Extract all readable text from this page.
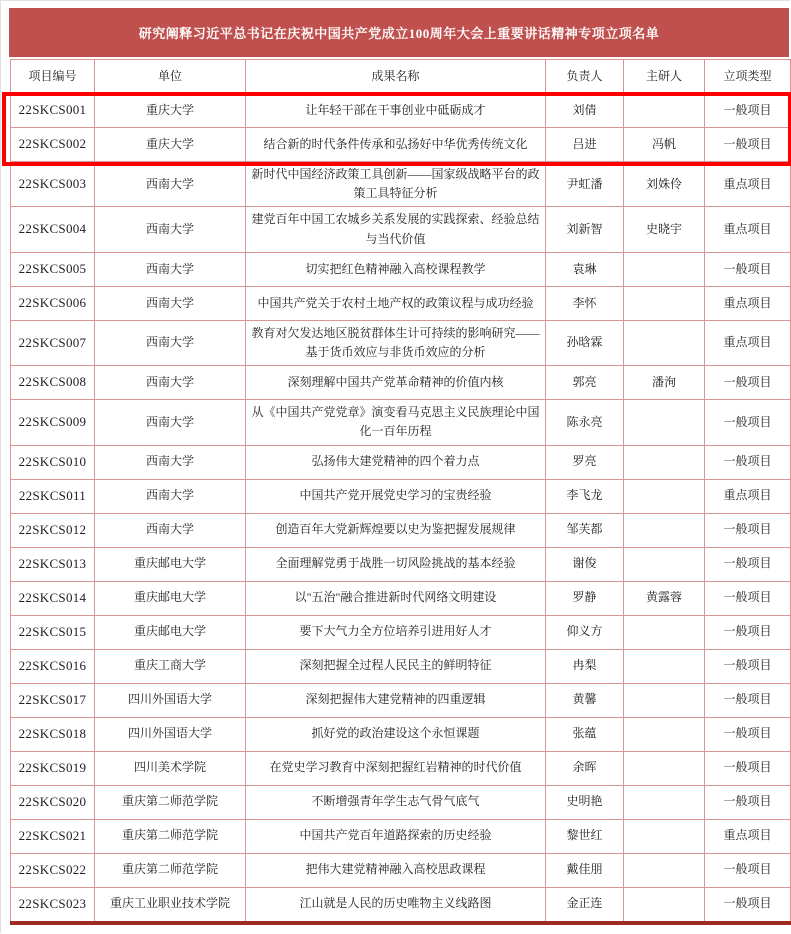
研究阐释习近平总书记在庆祝中国共产党成立100周年大会上重要讲话精神专项立项名单
项目编号	单位	成果名称	负责人	主研人	立项类型
22SKCS001	重庆大学	让年轻干部在干事创业中砥砺成才	刘倩		一般项目
22SKCS002	重庆大学	结合新的时代条件传承和弘扬好中华优秀传统文化	吕进	冯帆	一般项目
22SKCS003	西南大学	新时代中国经济政策工具创新——国家级战略平台的政策工具特征分析	尹虹潘	刘姝伶	重点项目
22SKCS004	西南大学	建党百年中国工农城乡关系发展的实践探索、经验总结与当代价值	刘新智	史晓宇	重点项目
22SKCS005	西南大学	切实把红色精神融入高校课程教学	袁琳		一般项目
22SKCS006	西南大学	中国共产党关于农村土地产权的政策议程与成功经验	李怀		重点项目
22SKCS007	西南大学	教育对欠发达地区脱贫群体生计可持续的影响研究——基于货币效应与非货币效应的分析	孙晗霖		重点项目
22SKCS008	西南大学	深刻理解中国共产党革命精神的价值内核	郭亮	潘洵	一般项目
22SKCS009	西南大学	从《中国共产党党章》演变看马克思主义民族理论中国化一百年历程	陈永亮		一般项目
22SKCS010	西南大学	弘扬伟大建党精神的四个着力点	罗亮		一般项目
22SKCS011	西南大学	中国共产党开展党史学习的宝贵经验	李飞龙		重点项目
22SKCS012	西南大学	创造百年大党新辉煌要以史为鉴把握发展规律	邹芙都		一般项目
22SKCS013	重庆邮电大学	全面理解党勇于战胜一切风险挑战的基本经验	谢俊		一般项目
22SKCS014	重庆邮电大学	以"五治"融合推进新时代网络文明建设	罗静	黄露蓉	一般项目
22SKCS015	重庆邮电大学	要下大气力全方位培养引进用好人才	仰义方		一般项目
22SKCS016	重庆工商大学	深刻把握全过程人民民主的鲜明特征	冉梨		一般项目
22SKCS017	四川外国语大学	深刻把握伟大建党精神的四重逻辑	黄馨		一般项目
22SKCS018	四川外国语大学	抓好党的政治建设这个永恒课题	张蕴		一般项目
22SKCS019	四川美术学院	在党史学习教育中深刻把握红岩精神的时代价值	余晖		一般项目
22SKCS020	重庆第二师范学院	不断增强青年学生志气骨气底气	史明艳		一般项目
22SKCS021	重庆第二师范学院	中国共产党百年道路探索的历史经验	黎世红		重点项目
22SKCS022	重庆第二师范学院	把伟大建党精神融入高校思政课程	戴佳朋		一般项目
22SKCS023	重庆工业职业技术学院	江山就是人民的历史唯物主义线路图	金正连		一般项目
